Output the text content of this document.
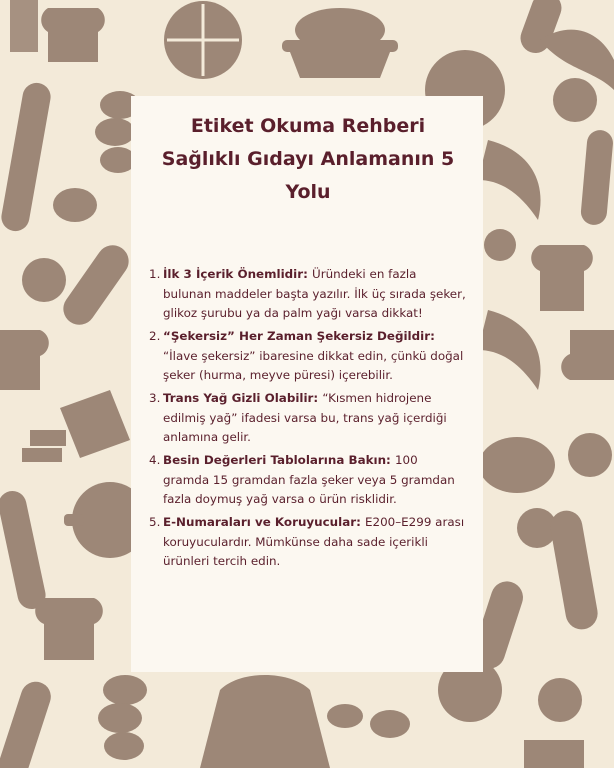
Etiket Okuma Rehberi
Sağlıklı Gıdayı Anlamanın 5
Yolu
1. İlk 3 İçerik Önemlidir: Üründeki en fazla bulunan maddeler başta yazılır. İlk üç sırada şeker, glikoz şurubu ya da palm yağı varsa dikkat!
2. “Şekersiz” Her Zaman Şekersiz Değildir: “İlave şekersiz” ibaresine dikkat edin, çünkü doğal şeker (hurma, meyve püresi) içerebilir.
3. Trans Yağ Gizli Olabilir: “Kısmen hidrojene edilmiş yağ” ifadesi varsa bu, trans yağ içerdiği anlamına gelir.
4. Besin Değerleri Tablolarına Bakın: 100 gramda 15 gramdan fazla şeker veya 5 gramdan fazla doymuş yağ varsa o ürün risklidir.
5. E-Numaraları ve Koruyucular: E200–E299 arası koruyuculardır. Mümkünse daha sade içerikli ürünleri tercih edin.
